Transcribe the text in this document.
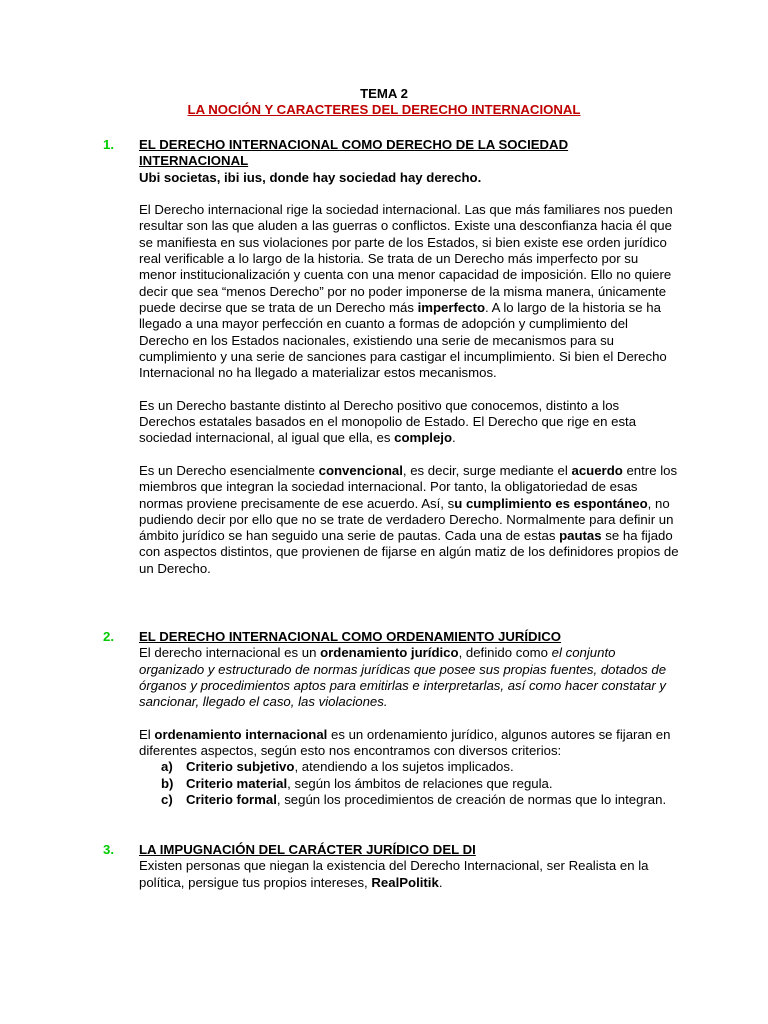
TEMA 2
LA NOCIÓN Y CARACTERES DEL DERECHO INTERNACIONAL
1. EL DERECHO INTERNACIONAL COMO DERECHO DE LA SOCIEDAD
INTERNACIONAL

Ubi societas, ibi ius, donde hay sociedad hay derecho.

El Derecho internacional rige la sociedad internacional. Las que más familiares nos pueden resultar son las que aluden a las guerras o conflictos. Existe una desconfianza hacia él que se manifiesta en sus violaciones por parte de los Estados, si bien existe ese orden jurídico real verificable a lo largo de la historia. Se trata de un Derecho más imperfecto por su menor institucionalización y cuenta con una menor capacidad de imposición. Ello no quiere decir que sea “menos Derecho” por no poder imponerse de la misma manera, únicamente puede decirse que se trata de un Derecho más imperfecto. A lo largo de la historia se ha llegado a una mayor perfección en cuanto a formas de adopción y cumplimiento del Derecho en los Estados nacionales, existiendo una serie de mecanismos para su cumplimiento y una serie de sanciones para castigar el incumplimiento. Si bien el Derecho Internacional no ha llegado a materializar estos mecanismos.

Es un Derecho bastante distinto al Derecho positivo que conocemos, distinto a los Derechos estatales basados en el monopolio de Estado. El Derecho que rige en esta sociedad internacional, al igual que ella, es complejo.

Es un Derecho esencialmente convencional, es decir, surge mediante el acuerdo entre los miembros que integran la sociedad internacional. Por tanto, la obligatoriedad de esas normas proviene precisamente de ese acuerdo. Así, su cumplimiento es espontáneo, no pudiendo decir por ello que no se trate de verdadero Derecho. Normalmente para definir un ámbito jurídico se han seguido una serie de pautas. Cada una de estas pautas se ha fijado con aspectos distintos, que provienen de fijarse en algún matiz de los definidores propios de un Derecho.

2. EL DERECHO INTERNACIONAL COMO ORDENAMIENTO JURÍDICO

El derecho internacional es un ordenamiento jurídico, definido como el conjunto organizado y estructurado de normas jurídicas que posee sus propias fuentes, dotados de órganos y procedimientos aptos para emitirlas e interpretarlas, así como hacer constatar y sancionar, llegado el caso, las violaciones.

El ordenamiento internacional es un ordenamiento jurídico, algunos autores se fijaran en diferentes aspectos, según esto nos encontramos con diversos criterios:

a) Criterio subjetivo, atendiendo a los sujetos implicados.
b) Criterio material, según los ámbitos de relaciones que regula.
c) Criterio formal, según los procedimientos de creación de normas que lo integran.
3. LA IMPUGNACIÓN DEL CARÁCTER JURÍDICO DEL DI

Existen personas que niegan la existencia del Derecho Internacional, ser Realista en la política, persigue tus propios intereses, RealPolitik.
